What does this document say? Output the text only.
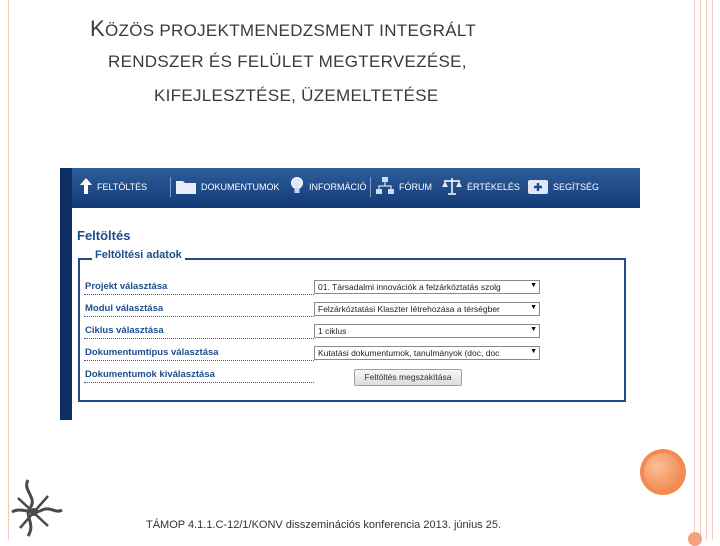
KÖZÖS PROJEKTMENEDZSMENT INTEGRÁLT
RENDSZER ÉS FELÜLET MEGTERVEZÉSE,
KIFEJLESZTÉSE, ÜZEMELTETÉSE
FELTÖLTÉS	DOKUMENTUMOK	INFORMÁCIÓ	FÓRUM	ÉRTÉKELÉS	SEGÍTSÉG
Feltöltés
Feltöltési adatok
Projekt választása	01. Társadalmi innovációk a felzárkóztatás szolg	▼
Modul választása	Felzárkóztatási Klaszter létrehozása a térségber	▼
Ciklus választása	1 ciklus	▼
Dokumentumtípus választása	Kutatási dokumentumok, tanulmányok (doc, doc	▼
Dokumentumok kiválasztása	Feltöltés megszakítása
TÁMOP 4.1.1.C-12/1/KONV disszeminációs konferencia 2013. június 25.
